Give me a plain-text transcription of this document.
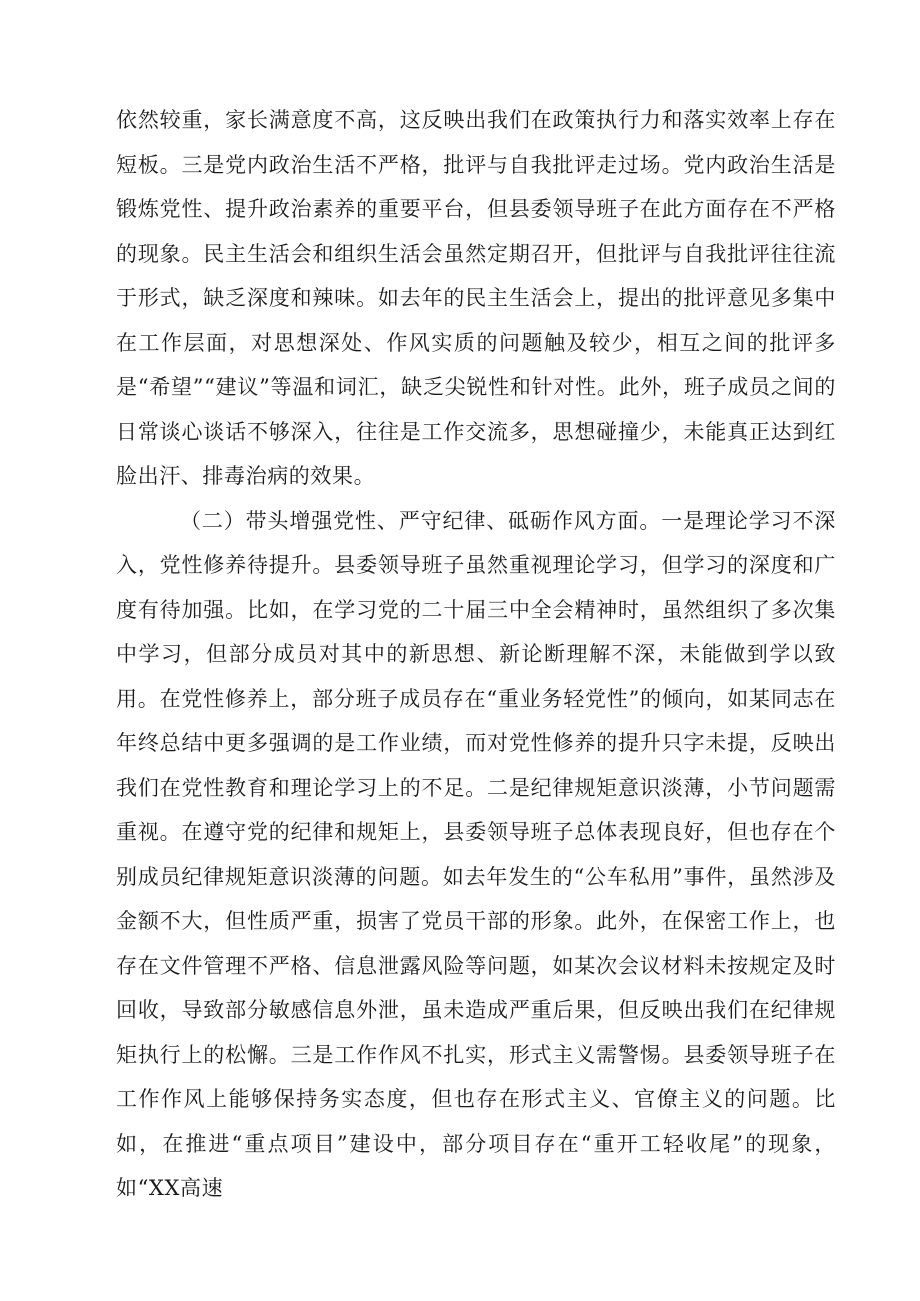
依然较重，家长满意度不高，这反映出我们在政策执行力和落实效率上存在短板。三是党内政治生活不严格，批评与自我批评走过场。党内政治生活是锻炼党性、提升政治素养的重要平台，但县委领导班子在此方面存在不严格的现象。民主生活会和组织生活会虽然定期召开，但批评与自我批评往往流于形式，缺乏深度和辣味。如去年的民主生活会上，提出的批评意见多集中在工作层面，对思想深处、作风实质的问题触及较少，相互之间的批评多是“希望”“建议”等温和词汇，缺乏尖锐性和针对性。此外，班子成员之间的日常谈心谈话不够深入，往往是工作交流多，思想碰撞少，未能真正达到红脸出汗、排毒治病的效果。

（二）带头增强党性、严守纪律、砥砺作风方面。一是理论学习不深入，党性修养待提升。县委领导班子虽然重视理论学习，但学习的深度和广度有待加强。比如，在学习党的二十届三中全会精神时，虽然组织了多次集中学习，但部分成员对其中的新思想、新论断理解不深，未能做到学以致用。在党性修养上，部分班子成员存在“重业务轻党性”的倾向，如某同志在年终总结中更多强调的是工作业绩，而对党性修养的提升只字未提，反映出我们在党性教育和理论学习上的不足。二是纪律规矩意识淡薄，小节问题需重视。在遵守党的纪律和规矩上，县委领导班子总体表现良好，但也存在个别成员纪律规矩意识淡薄的问题。如去年发生的“公车私用”事件，虽然涉及金额不大，但性质严重，损害了党员干部的形象。此外，在保密工作上，也存在文件管理不严格、信息泄露风险等问题，如某次会议材料未按规定及时回收，导致部分敏感信息外泄，虽未造成严重后果，但反映出我们在纪律规矩执行上的松懈。三是工作作风不扎实，形式主义需警惕。县委领导班子在工作作风上能够保持务实态度，但也存在形式主义、官僚主义的问题。比如，在推进“重点项目”建设中，部分项目存在“重开工轻收尾”的现象，如“XX高速
